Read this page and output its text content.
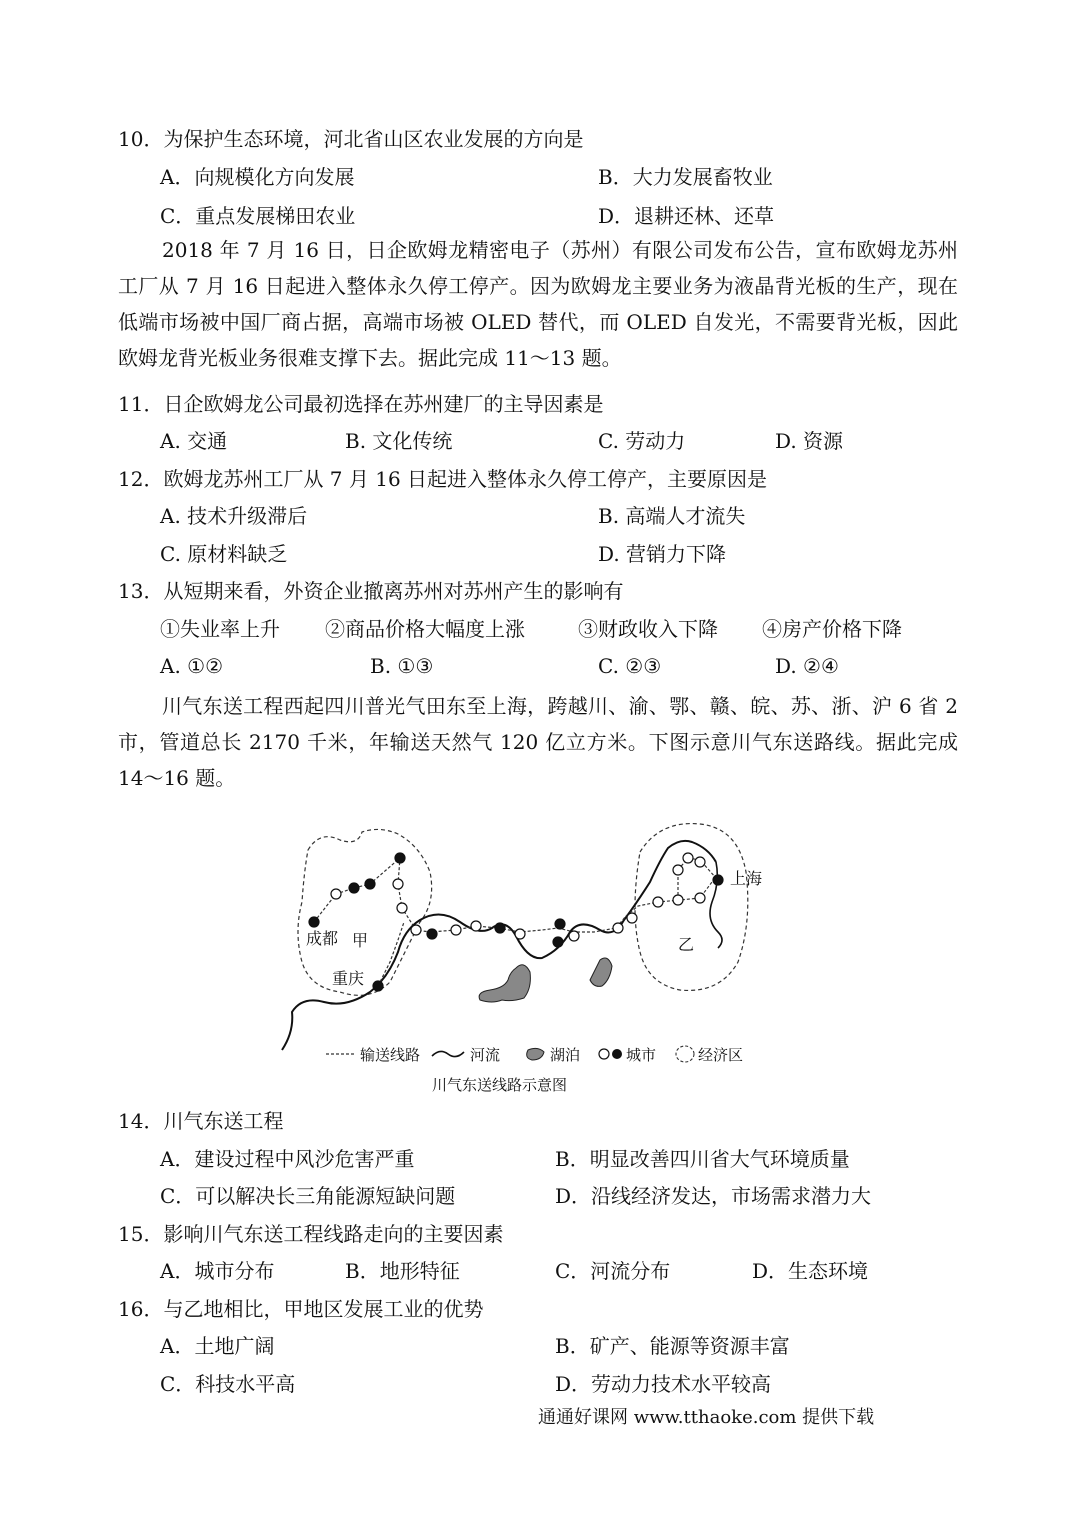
10．为保护生态环境，河北省山区农业发展的方向是
A．向规模化方向发展	B．大力发展畜牧业
C．重点发展梯田农业	D．退耕还林、还草
2018 年 7 月 16 日，日企欧姆龙精密电子（苏州）有限公司发布公告，宣布欧姆龙苏州工厂从 7 月 16 日起进入整体永久停工停产。因为欧姆龙主要业务为液晶背光板的生产，现在低端市场被中国厂商占据，高端市场被 OLED 替代，而 OLED 自发光，不需要背光板，因此欧姆龙背光板业务很难支撑下去。据此完成 11～13 题。
11．日企欧姆龙公司最初选择在苏州建厂的主导因素是
A. 交通	B. 文化传统	C. 劳动力	D. 资源
12．欧姆龙苏州工厂从 7 月 16 日起进入整体永久停工停产，主要原因是
A. 技术升级滞后	B. 高端人才流失
C. 原材料缺乏	D. 营销力下降
13．从短期来看，外资企业撤离苏州对苏州产生的影响有
①失业率上升 ②商品价格大幅度上涨	③财政收入下降 ④房产价格下降
A. ①②	B. ①③	C. ②③	D. ②④
川气东送工程西起四川普光气田东至上海，跨越川、渝、鄂、赣、皖、苏、浙、沪 6 省 2 市，管道总长 2170 千米，年输送天然气 120 亿立方米。下图示意川气东送路线。据此完成 14～16 题。
成都 甲
重庆
上海
乙
输送线路	河流	湖泊	城市	经济区
川气东送线路示意图
14．川气东送工程
A．建设过程中风沙危害严重	B．明显改善四川省大气环境质量
C．可以解决长三角能源短缺问题	D．沿线经济发达，市场需求潜力大
15．影响川气东送工程线路走向的主要因素
A．城市分布	B．地形特征	C．河流分布	D．生态环境
16．与乙地相比，甲地区发展工业的优势
A．土地广阔	B．矿产、能源等资源丰富
C．科技水平高	D．劳动力技术水平较高
通通好课网 www.tthaoke.com 提供下载
